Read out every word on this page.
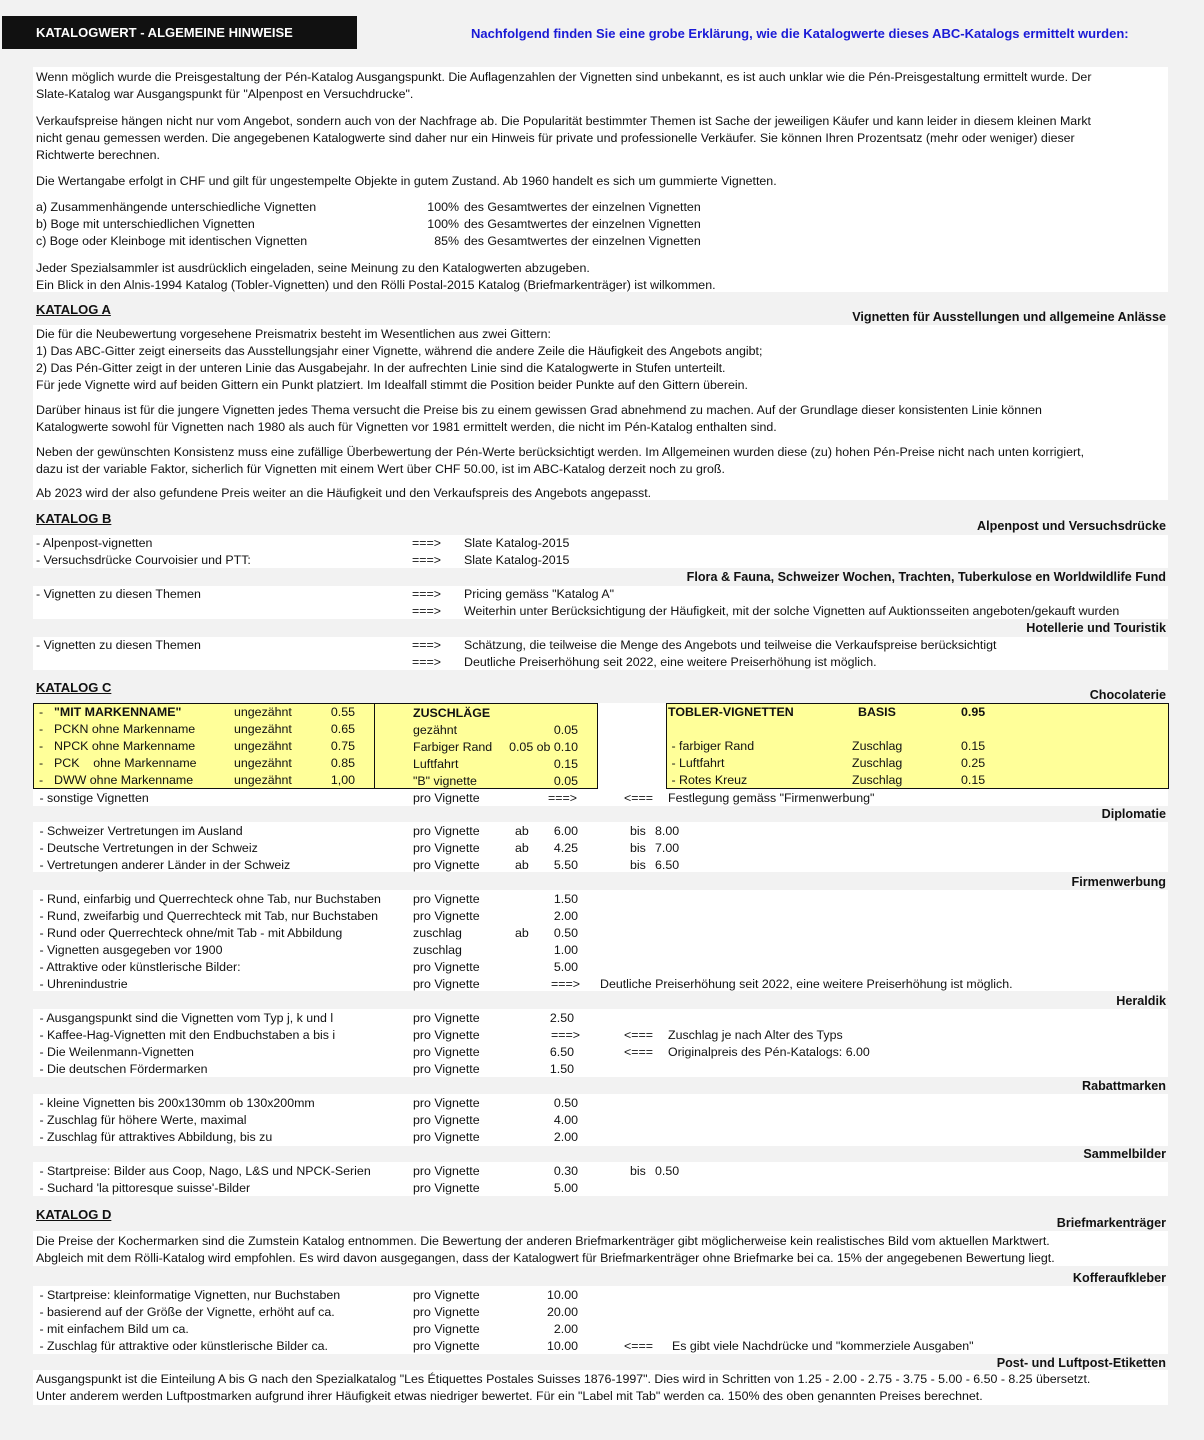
KATALOGWERT - ALGEMEINE HINWEISE	Nachfolgend finden Sie eine grobe Erklärung, wie die Katalogwerte dieses ABC-Katalogs ermittelt wurden:
Wenn möglich wurde die Preisgestaltung der Pén-Katalog Ausgangspunkt. Die Auflagenzahlen der Vignetten sind unbekannt, es ist auch unklar wie die Pén-Preisgestaltung ermittelt wurde. Der
Slate-Katalog war Ausgangspunkt für "Alpenpost en Versuchdrucke".
Verkaufspreise hängen nicht nur vom Angebot, sondern auch von der Nachfrage ab. Die Popularität bestimmter Themen ist Sache der jeweiligen Käufer und kann leider in diesem kleinen Markt
nicht genau gemessen werden. Die angegebenen Katalogwerte sind daher nur ein Hinweis für private und professionelle Verkäufer. Sie können Ihren Prozentsatz (mehr oder weniger) dieser
Richtwerte berechnen.
Die Wertangabe erfolgt in CHF und gilt für ungestempelte Objekte in gutem Zustand. Ab 1960 handelt es sich um gummierte Vignetten.
a) Zusammenhängende unterschiedliche Vignetten	100% des Gesamtwertes der einzelnen Vignetten
b) Boge mit unterschiedlichen Vignetten	100% des Gesamtwertes der einzelnen Vignetten
c) Boge oder Kleinboge mit identischen Vignetten	85% des Gesamtwertes der einzelnen Vignetten
Jeder Spezialsammler ist ausdrücklich eingeladen, seine Meinung zu den Katalogwerten abzugeben.
Ein Blick in den Alnis-1994 Katalog (Tobler-Vignetten) und den Rölli Postal-2015 Katalog (Briefmarkenträger) ist wilkommen.
KATALOG A	Vignetten für Ausstellungen und allgemeine Anlässe
Die für die Neubewertung vorgesehene Preismatrix besteht im Wesentlichen aus zwei Gittern:
1) Das ABC-Gitter zeigt einerseits das Ausstellungsjahr einer Vignette, während die andere Zeile die Häufigkeit des Angebots angibt;
2) Das Pén-Gitter zeigt in der unteren Linie das Ausgabejahr. In der aufrechten Linie sind die Katalogwerte in Stufen unterteilt.
Für jede Vignette wird auf beiden Gittern ein Punkt platziert. Im Idealfall stimmt die Position beider Punkte auf den Gittern überein.
Darüber hinaus ist für die jungere Vignetten jedes Thema versucht die Preise bis zu einem gewissen Grad abnehmend zu machen. Auf der Grundlage dieser konsistenten Linie können
Katalogwerte sowohl für Vignetten nach 1980 als auch für Vignetten vor 1981 ermittelt werden, die nicht im Pén-Katalog enthalten sind.
Neben der gewünschten Konsistenz muss eine zufällige Überbewertung der Pén-Werte berücksichtigt werden. Im Allgemeinen wurden diese (zu) hohen Pén-Preise nicht nach unten korrigiert,
dazu ist der variable Faktor, sicherlich für Vignetten mit einem Wert über CHF 50.00, ist im ABC-Katalog derzeit noch zu groß.
Ab 2023 wird der also gefundene Preis weiter an die Häufigkeit und den Verkaufspreis des Angebots angepasst.
KATALOG B	Alpenpost und Versuchsdrücke
- Alpenpost-vignetten	===> Slate Katalog-2015
- Versuchsdrücke Courvoisier und PTT:	===> Slate Katalog-2015
Flora & Fauna, Schweizer Wochen, Trachten, Tuberkulose en Worldwildlife Fund
- Vignetten zu diesen Themen	===> Pricing gemäss "Katalog A"
===> Weiterhin unter Berücksichtigung der Häufigkeit, mit der solche Vignetten auf Auktionsseiten angeboten/gekauft wurden
Hotellerie und Touristik
- Vignetten zu diesen Themen	===> Schätzung, die teilweise die Menge des Angebots und teilweise die Verkaufspreise berücksichtigt
===> Deutliche Preiserhöhung seit 2022, eine weitere Preiserhöhung ist möglich.
KATALOG C	Chocolaterie
- "MIT MARKENNAME"	ungezähnt	0.55
- PCKN ohne Markenname	ungezähnt	0.65
- NPCK ohne Markenname	ungezähnt	0.75
- PCK    ohne Markenname	ungezähnt	0.85
- DWW ohne Markenname	ungezähnt	1,00
ZUSCHLÄGE
gezähnt	0.05
Farbiger Rand	0.05 ob 0.10
Luftfahrt	0.15
"B" vignette	0.05
TOBLER-VIGNETTEN	BASIS	0.95
- farbiger Rand	Zuschlag	0.15
- Luftfahrt	Zuschlag	0.25
- Rotes Kreuz	Zuschlag	0.15
- sonstige Vignetten	pro Vignette	===>	<=== Festlegung gemäss "Firmenwerbung"
Diplomatie
- Schweizer Vertretungen im Ausland	pro Vignette	ab	6.00	bis 8.00
- Deutsche Vertretungen in der Schweiz	pro Vignette	ab	4.25	bis 7.00
- Vertretungen anderer Länder in der Schweiz	pro Vignette	ab	5.50	bis 6.50
Firmenwerbung
- Rund, einfarbig und Querrechteck ohne Tab, nur Buchstaben	pro Vignette	1.50
- Rund, zweifarbig und Querrechteck mit Tab, nur Buchstaben	pro Vignette	2.00
- Rund oder Querrechteck ohne/mit Tab - mit Abbildung	zuschlag	ab	0.50
- Vignetten ausgegeben vor 1900	zuschlag	1.00
- Attraktive oder künstlerische Bilder:	pro Vignette	5.00
- Uhrenindustrie	pro Vignette	===> Deutliche Preiserhöhung seit 2022, eine weitere Preiserhöhung ist möglich.
Heraldik
- Ausgangspunkt sind die Vignetten vom Typ j, k und l	pro Vignette	2.50
- Kaffee-Hag-Vignetten mit den Endbuchstaben a bis i	pro Vignette	===>	<=== Zuschlag je nach Alter des Typs
- Die Weilenmann-Vignetten	pro Vignette	6.50	<=== Originalpreis des Pén-Katalogs: 6.00
- Die deutschen Fördermarken	pro Vignette	1.50
Rabattmarken
- kleine Vignetten bis 200x130mm ob 130x200mm	pro Vignette	0.50
- Zuschlag für höhere Werte, maximal	pro Vignette	4.00
- Zuschlag für attraktives Abbildung, bis zu	pro Vignette	2.00
Sammelbilder
- Startpreise: Bilder aus Coop, Nago, L&S und NPCK-Serien	pro Vignette	0.30	bis 0.50
- Suchard 'la pittoresque suisse'-Bilder	pro Vignette	5.00
KATALOG D
Briefmarkenträger
Die Preise der Kochermarken sind die Zumstein Katalog entnommen. Die Bewertung der anderen Briefmarkenträger gibt möglicherweise kein realistisches Bild vom aktuellen Marktwert.
Abgleich mit dem Rölli-Katalog wird empfohlen. Es wird davon ausgegangen, dass der Katalogwert für Briefmarkenträger ohne Briefmarke bei ca. 15% der angegebenen Bewertung liegt.
Kofferaufkleber
- Startpreise: kleinformatige Vignetten, nur Buchstaben	pro Vignette	10.00
- basierend auf der Größe der Vignette, erhöht auf ca.	pro Vignette	20.00
- mit einfachem Bild um ca.	pro Vignette	2.00
- Zuschlag für attraktive oder künstlerische Bilder ca.	pro Vignette	10.00	<=== Es gibt viele Nachdrücke und "kommerziele Ausgaben"
Post- und Luftpost-Etiketten
Ausgangspunkt ist die Einteilung A bis G nach den Spezialkatalog "Les Étiquettes Postales Suisses 1876-1997". Dies wird in Schritten von 1.25 - 2.00 - 2.75 - 3.75 - 5.00 - 6.50 - 8.25 übersetzt.
Unter anderem werden Luftpostmarken aufgrund ihrer Häufigkeit etwas niedriger bewertet. Für ein "Label mit Tab" werden ca. 150% des oben genannten Preises berechnet.
